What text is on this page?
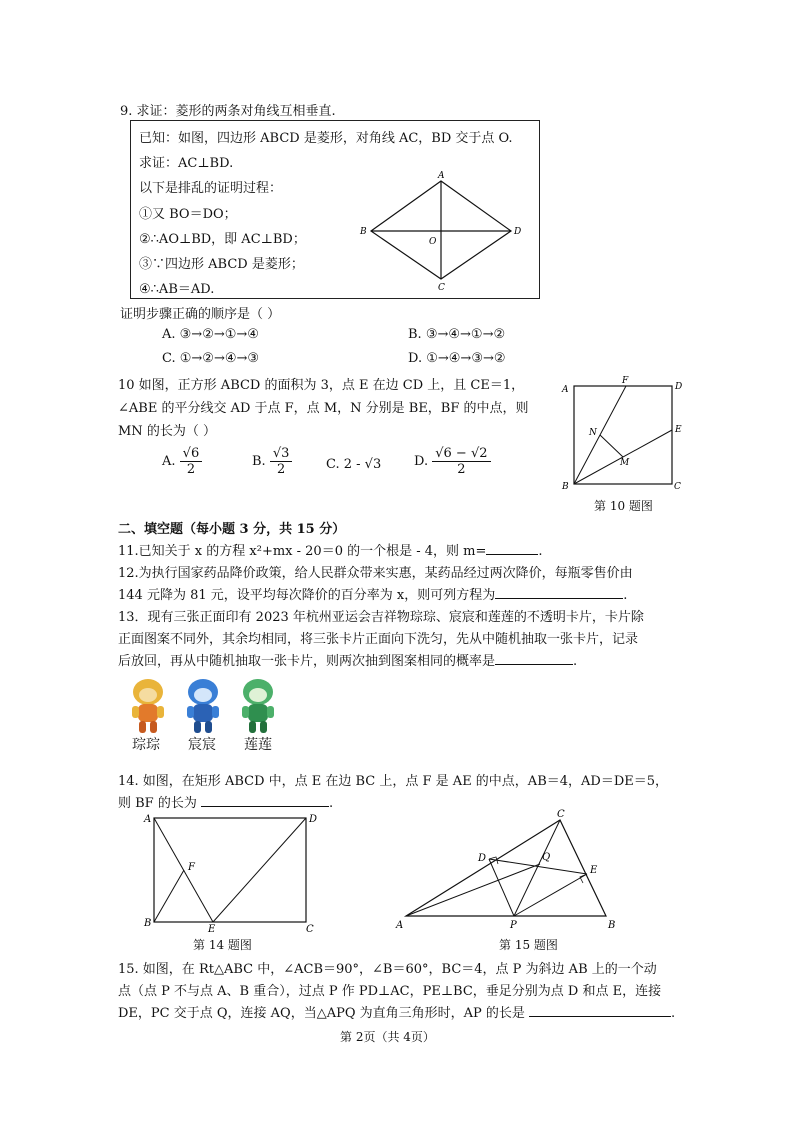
9. 求证：菱形的两条对角线互相垂直.
已知：如图，四边形 ABCD 是菱形，对角线 AC，BD 交于点 O.
求证：AC⊥BD.
以下是排乱的证明过程：
①又 BO＝DO；
②∴AO⊥BD，即 AC⊥BD；
③∵四边形 ABCD 是菱形；
④∴AB＝AD.
A
B
C
D
O
证明步骤正确的顺序是（ ）
A. ③→②→①→④	B. ③→④→①→②
C. ①→②→④→③	D. ①→④→③→②
10 如图，正方形 ABCD 的面积为 3，点 E 在边 CD 上，且 CE＝1，
∠ABE 的平分线交 AD 于点 F，点 M，N 分别是 BE，BF 的中点，则
MN 的长为（ ）
A. $\frac{√6}{2}$	B. $\frac{√3}{2}$	C. 2 - √3	D. $\frac{√6 - √2}{2}$
A
F
D
E
N
M
B	C
第 10 题图
二、填空题（每小题 3 分，共 15 分）
11.已知关于 x 的方程 x²+mx - 20＝0 的一个根是 - 4，则 m=	.
12.为执行国家药品降价政策，给人民群众带来实惠，某药品经过两次降价，每瓶零售价由
144 元降为 81 元，设平均每次降价的百分率为 x，则可列方程为	.
13．现有三张正面印有 2023 年杭州亚运会吉祥物琮琮、宸宸和莲莲的不透明卡片，卡片除
正面图案不同外，其余均相同，将三张卡片正面向下洗匀，先从中随机抽取一张卡片，记录
后放回，再从中随机抽取一张卡片，则两次抽到图案相同的概率是	.
琮琮 宸宸 莲莲
14. 如图，在矩形 ABCD 中，点 E 在边 BC 上，点 F 是 AE 的中点，AB＝4，AD＝DE＝5，
则 BF 的长为	.
A	D
F
B
E	C
第 14 题图
C
D	Q
E
A	P	B
第 15 题图
15. 如图，在 Rt△ABC 中，∠ACB＝90°，∠B＝60°，BC＝4，点 P 为斜边 AB 上的一个动
点（点 P 不与点 A、B 重合），过点 P 作 PD⊥AC，PE⊥BC，垂足分别为点 D 和点 E，连接
DE，PC 交于点 Q，连接 AQ，当△APQ 为直角三角形时，AP 的长是	.
第 2页（共 4页）
